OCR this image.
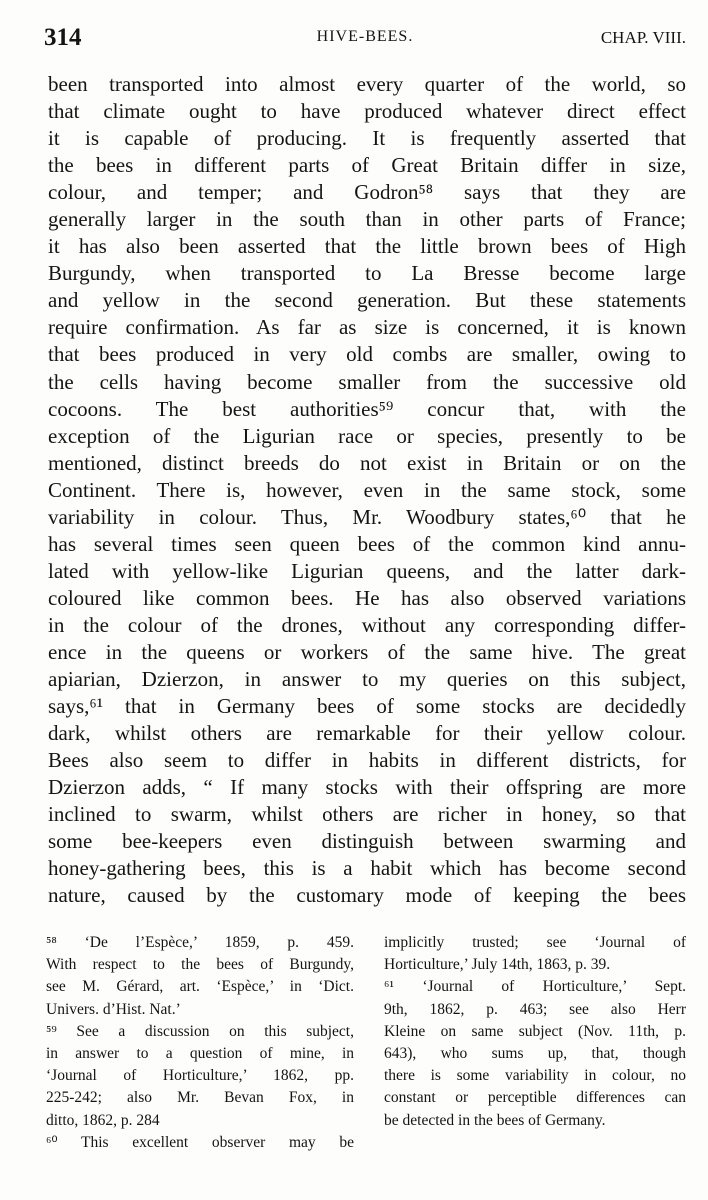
314	HIVE-BEES.	CHAP. VIII.
been transported into almost every quarter of the world, so
that climate ought to have produced whatever direct effect
it is capable of producing. It is frequently asserted that
the bees in different parts of Great Britain differ in size,
colour, and temper; and Godron⁵⁸ says that they are
generally larger in the south than in other parts of France;
it has also been asserted that the little brown bees of High
Burgundy, when transported to La Bresse become large
and yellow in the second generation. But these statements
require confirmation. As far as size is concerned, it is known
that bees produced in very old combs are smaller, owing to
the cells having become smaller from the successive old
cocoons. The best authorities⁵⁹ concur that, with the
exception of the Ligurian race or species, presently to be
mentioned, distinct breeds do not exist in Britain or on the
Continent. There is, however, even in the same stock, some
variability in colour. Thus, Mr. Woodbury states,⁶⁰ that he
has several times seen queen bees of the common kind annu-
lated with yellow-like Ligurian queens, and the latter dark-
coloured like common bees. He has also observed variations
in the colour of the drones, without any corresponding differ-
ence in the queens or workers of the same hive. The great
apiarian, Dzierzon, in answer to my queries on this subject,
says,⁶¹ that in Germany bees of some stocks are decidedly
dark, whilst others are remarkable for their yellow colour.
Bees also seem to differ in habits in different districts, for
Dzierzon adds, “ If many stocks with their offspring are more
inclined to swarm, whilst others are richer in honey, so that
some bee-keepers even distinguish between swarming and
honey-gathering bees, this is a habit which has become second
nature, caused by the customary mode of keeping the bees
⁵⁸ ‘De l’Espèce,’ 1859, p. 459.
With respect to the bees of Burgundy,
see M. Gérard, art. ‘Espèce,’ in ‘Dict.
Univers. d’Hist. Nat.’
⁵⁹ See a discussion on this subject,
in answer to a question of mine, in
‘Journal of Horticulture,’ 1862, pp.
225-242; also Mr. Bevan Fox, in
ditto, 1862, p. 284
⁶⁰ This excellent observer may be
implicitly trusted; see ‘Journal of
Horticulture,’ July 14th, 1863, p. 39.
⁶¹ ‘Journal of Horticulture,’ Sept.
9th, 1862, p. 463; see also Herr
Kleine on same subject (Nov. 11th, p.
643), who sums up, that, though
there is some variability in colour, no
constant or perceptible differences can
be detected in the bees of Germany.
